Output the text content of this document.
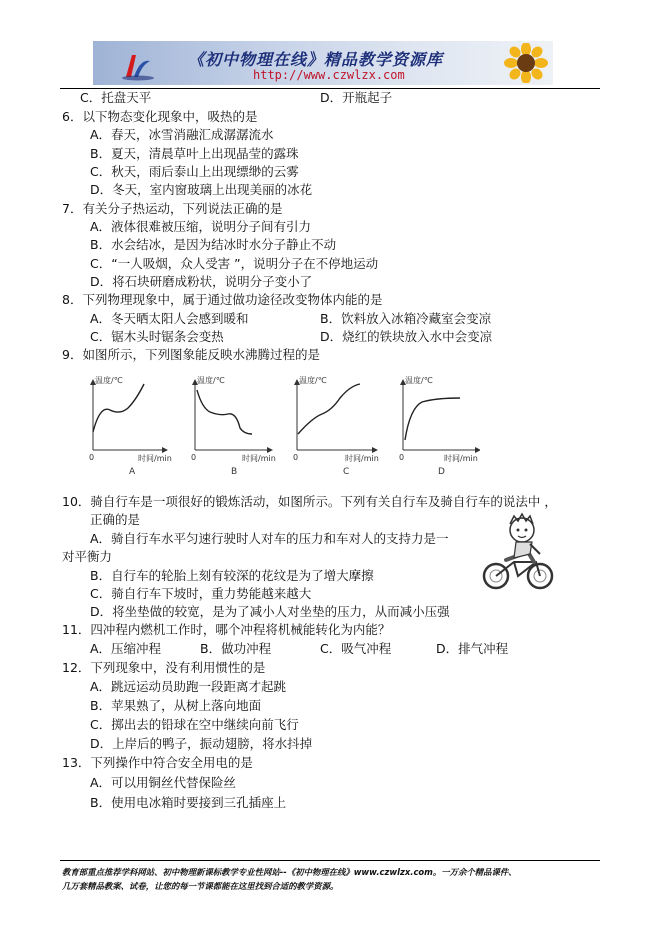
《初中物理在线》精品教学资源库
http://www.czwlzx.com
C．托盘天平	D．开瓶起子
6．以下物态变化现象中，吸热的是
A．春天，冰雪消融汇成潺潺流水
B．夏天，清晨草叶上出现晶莹的露珠
C．秋天，雨后泰山上出现缥缈的云雾
D．冬天，室内窗玻璃上出现美丽的冰花
7．有关分子热运动，下列说法正确的是
A．液体很难被压缩，说明分子间有引力
B．水会结冰，是因为结冰时水分子静止不动
C．“一人吸烟，众人受害 ”，说明分子在不停地运动
D．将石块研磨成粉状，说明分子变小了
8．下列物理现象中，属于通过做功途径改变物体内能的是
A．冬天晒太阳人会感到暖和	B．饮料放入冰箱冷藏室会变凉
C．锯木头时锯条会变热	D．烧红的铁块放入水中会变凉
9．如图所示，下列图象能反映水沸腾过程的是
温度/℃
时间/min
0
A
温度/℃
时间/min
0
B
温度/℃
时间/min
0
C
温度/℃
时间/min
0
D
10．骑自行车是一项很好的锻炼活动，如图所示。下列有关自行车及骑自行车的说法中 ，
正确的是
A．骑自行车水平匀速行驶时人对车的压力和车对人的支持力是一
对平衡力
B．自行车的轮胎上刻有较深的花纹是为了增大摩擦
C．骑自行车下坡时，重力势能越来越大
D．将坐垫做的较宽，是为了减小人对坐垫的压力，从而减小压强
11．四冲程内燃机工作时，哪个冲程将机械能转化为内能？
A．压缩冲程	B．做功冲程	C．吸气冲程	D．排气冲程
12．下列现象中，没有利用惯性的是
A．跳远运动员助跑一段距离才起跳
B．苹果熟了，从树上落向地面
C．掷出去的铅球在空中继续向前飞行
D．上岸后的鸭子，振动翅膀，将水抖掉
13．下列操作中符合安全用电的是
A．可以用铜丝代替保险丝
B．使用电冰箱时要接到三孔插座上
教育部重点推荐学科网站、初中物理新课标教学专业性网站--《初中物理在线》www.czwlzx.com。一万余个精品课件、
几万套精品教案、试卷，让您的每一节课都能在这里找到合适的教学资源。
